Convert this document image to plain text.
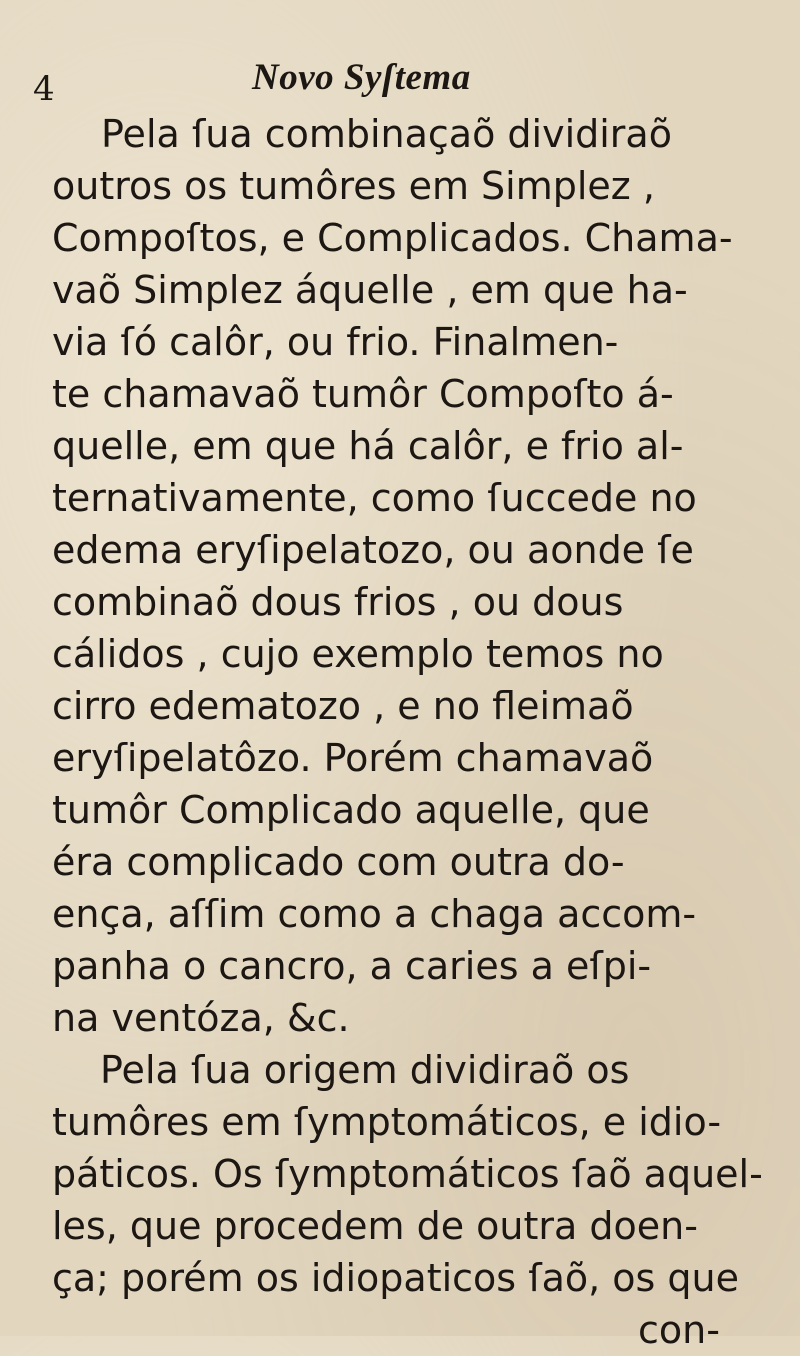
4	Novo Syſtema
Pela ſua combinaçaõ dividiraõ
outros os tumôres em Simplez ,
Compoſtos, e Complicados. Chama-
vaõ Simplez áquelle , em que ha-
via ſó calôr, ou frio. Finalmen-
te chamavaõ tumôr Compoſto á-
quelle, em que há calôr, e frio al-
ternativamente, como ſuccede no
edema eryſipelatozo, ou aonde ſe
combinaõ dous frios , ou dous
cálidos , cujo exemplo temos no
cirro edematozo , e no fleimaõ
eryſipelatôzo. Porém chamavaõ
tumôr Complicado aquelle, que
éra complicado com outra do-
ença, aſſim como a chaga accom-
panha o cancro, a caries a eſpi-
na ventóza, &c.
Pela ſua origem dividiraõ os
tumôres em ſymptomáticos, e idio-
páticos. Os ſymptomáticos ſaõ aquel-
les, que procedem de outra doen-
ça; porém os idiopaticos ſaõ, os que
con-
